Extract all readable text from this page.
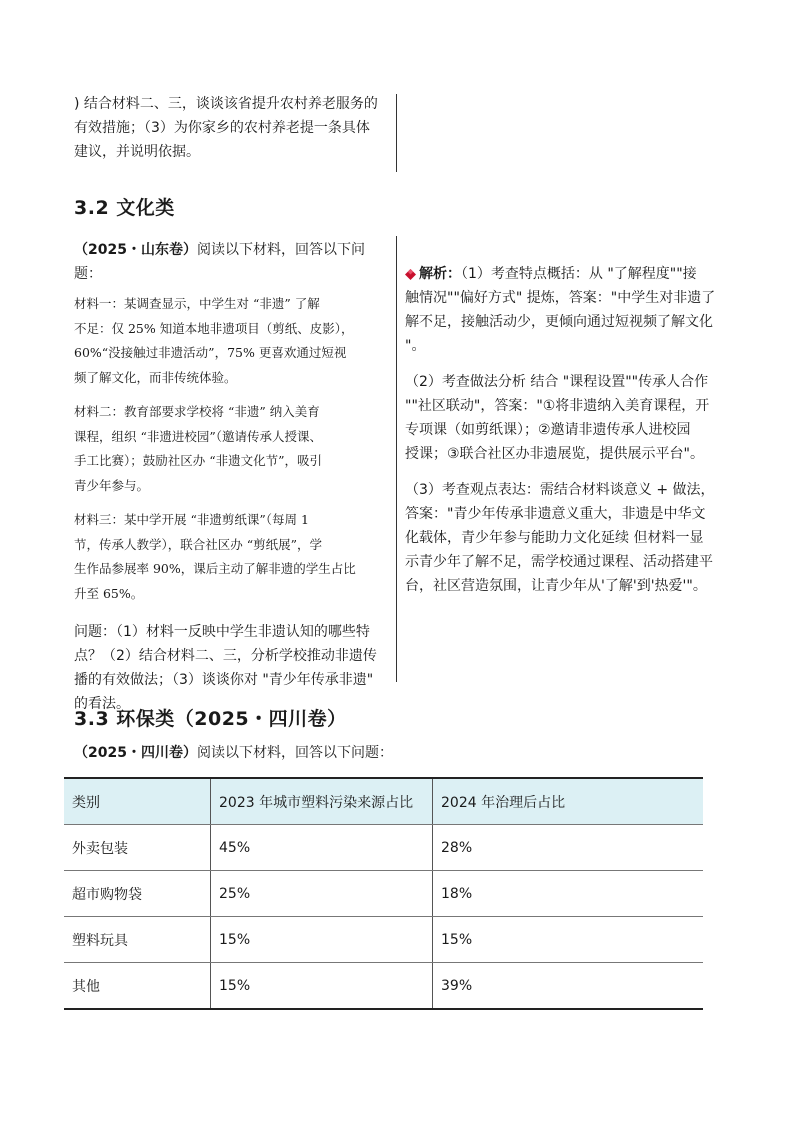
) 结合材料二、三，谈谈该省提升农村养老服务的
有效措施；（3）为你家乡的农村养老提一条具体
建议，并说明依据。
3.2 文化类
（2025・山东卷）阅读以下材料，回答以下问题：
材料一：某调查显示，中学生对 “非遗” 了解
不足：仅 25% 知道本地非遗项目（剪纸、皮影），
60%“没接触过非遗活动”，75% 更喜欢通过短视
频了解文化，而非传统体验。
材料二：教育部要求学校将 “非遗” 纳入美育
课程，组织 “非遗进校园”（邀请传承人授课、
手工比赛）；鼓励社区办 “非遗文化节”，吸引
青少年参与。
材料三：某中学开展 “非遗剪纸课”（每周 1
节，传承人教学），联合社区办 “剪纸展”，学
生作品参展率 90%，课后主动了解非遗的学生占比
升至 65%。
问题：（1）材料一反映中学生非遗认知的哪些特
点？（2）结合材料二、三，分析学校推动非遗传
播的有效做法；（3）谈谈你对 "青少年传承非遗"
的看法。
解析：（1）考查特点概括：从 "了解程度""接
触情况""偏好方式" 提炼，答案："中学生对非遗了
解不足，接触活动少，更倾向通过短视频了解文化
"。
（2）考查做法分析 结合 "课程设置""传承人合作
""社区联动"，答案："①将非遗纳入美育课程，开
专项课（如剪纸课）；②邀请非遗传承人进校园
授课；③联合社区办非遗展览，提供展示平台"。
（3）考查观点表达：需结合材料谈意义 + 做法，
答案："青少年传承非遗意义重大，非遗是中华文
化载体，青少年参与能助力文化延续 但材料一显
示青少年了解不足，需学校通过课程、活动搭建平
台，社区营造氛围，让青少年从'了解'到'热爱'"。
3.3 环保类（2025・四川卷）
（2025・四川卷）阅读以下材料，回答以下问题：
类别	2023 年城市塑料污染来源占比	2024 年治理后占比
外卖包装	45%	28%
超市购物袋	25%	18%
塑料玩具	15%	15%
其他	15%	39%
